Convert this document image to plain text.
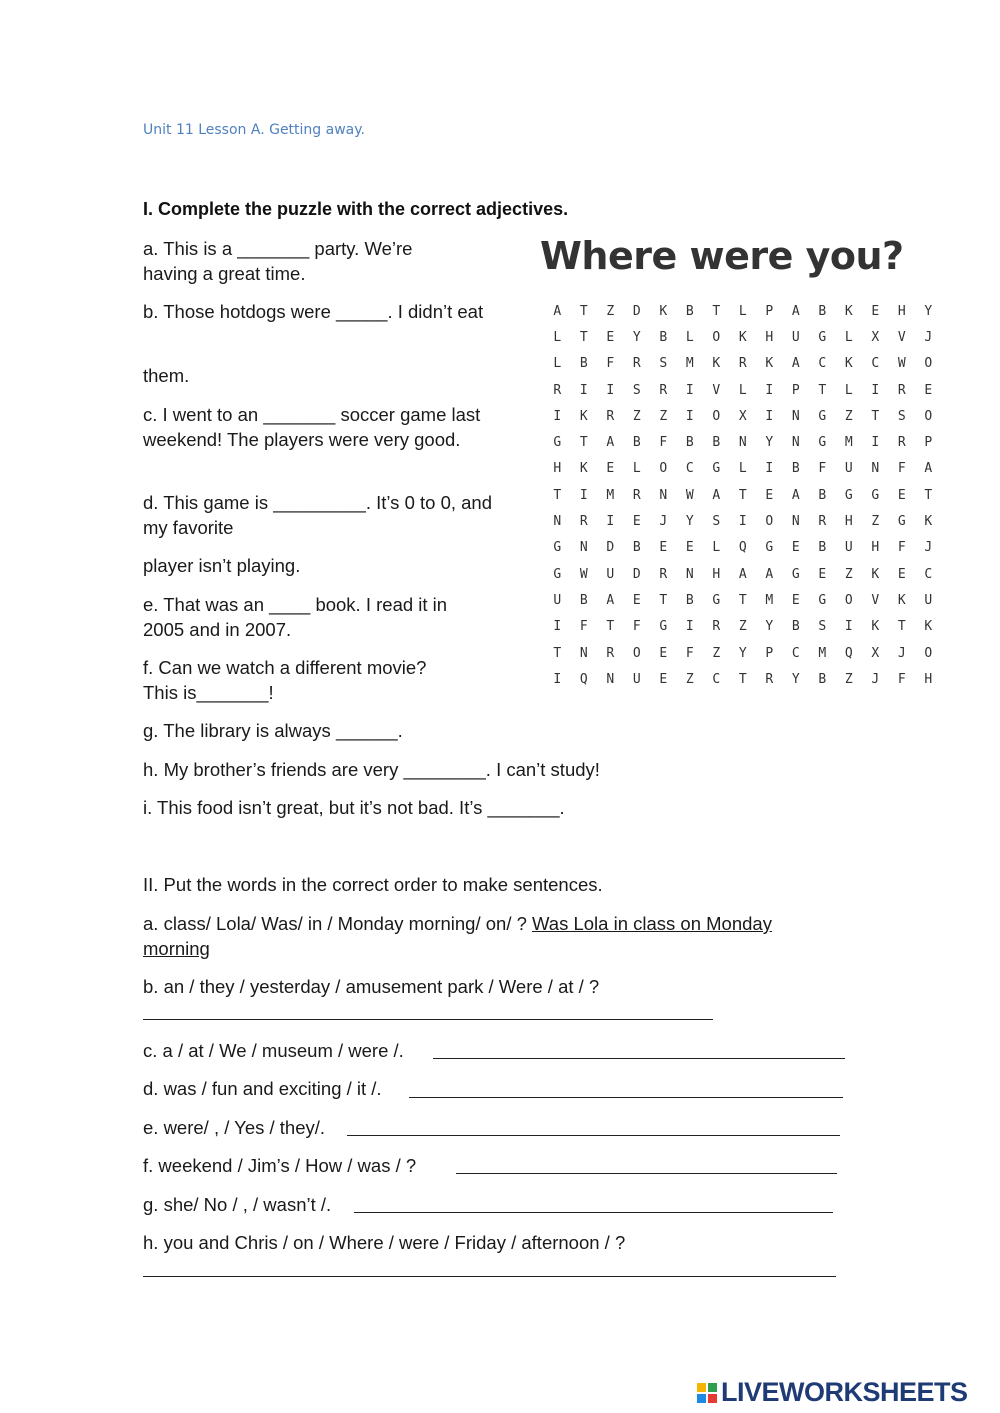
Unit 11 Lesson A. Getting away.
I. Complete the puzzle with the correct adjectives.
a. This is a _______ party. We’re having a great time.
b. Those hotdogs were _____. I didn’t eat
them.
c. I went to an _______ soccer game last weekend! The players were very good.
d. This game is _________. It’s 0 to 0, and my favorite
player isn’t playing.
e. That was an ____ book. I read it in 2005 and in 2007.
f. Can we watch a different movie? This is_______!
g. The library is always ______.
h. My brother’s friends are very ________. I can’t study!
i. This food isn’t great, but it’s not bad. It’s _______.
Where were you?
A	T	Z	D	K	B	T	L	P	A	B	K	E	H	Y
L	T	E	Y	B	L	O	K	H	U	G	L	X	V	J
L	B	F	R	S	M	K	R	K	A	C	K	C	W	O
R	I	I	S	R	I	V	L	I	P	T	L	I	R	E
I	K	R	Z	Z	I	O	X	I	N	G	Z	T	S	O
G	T	A	B	F	B	B	N	Y	N	G	M	I	R	P
H	K	E	L	O	C	G	L	I	B	F	U	N	F	A
T	I	M	R	N	W	A	T	E	A	B	G	G	E	T
N	R	I	E	J	Y	S	I	O	N	R	H	Z	G	K
G	N	D	B	E	E	L	Q	G	E	B	U	H	F	J
G	W	U	D	R	N	H	A	A	G	E	Z	K	E	C
U	B	A	E	T	B	G	T	M	E	G	O	V	K	U
I	F	T	F	G	I	R	Z	Y	B	S	I	K	T	K
T	N	R	O	E	F	Z	Y	P	C	M	Q	X	J	O
I	Q	N	U	E	Z	C	T	R	Y	B	Z	J	F	H
II. Put the words in the correct order to make sentences.
a. class/ Lola/ Was/ in / Monday morning/ on/ ? Was Lola in class on Monday morning
b. an / they / yesterday / amusement park / Were / at / ?
c. a / at / We / museum / were /.
d. was / fun and exciting / it /.
e. were/ , / Yes / they/.
f. weekend / Jim’s / How / was / ?
g. she/ No / , / wasn’t /.
h. you and Chris / on / Where / were / Friday / afternoon / ?
LIVEWORKSHEETS
